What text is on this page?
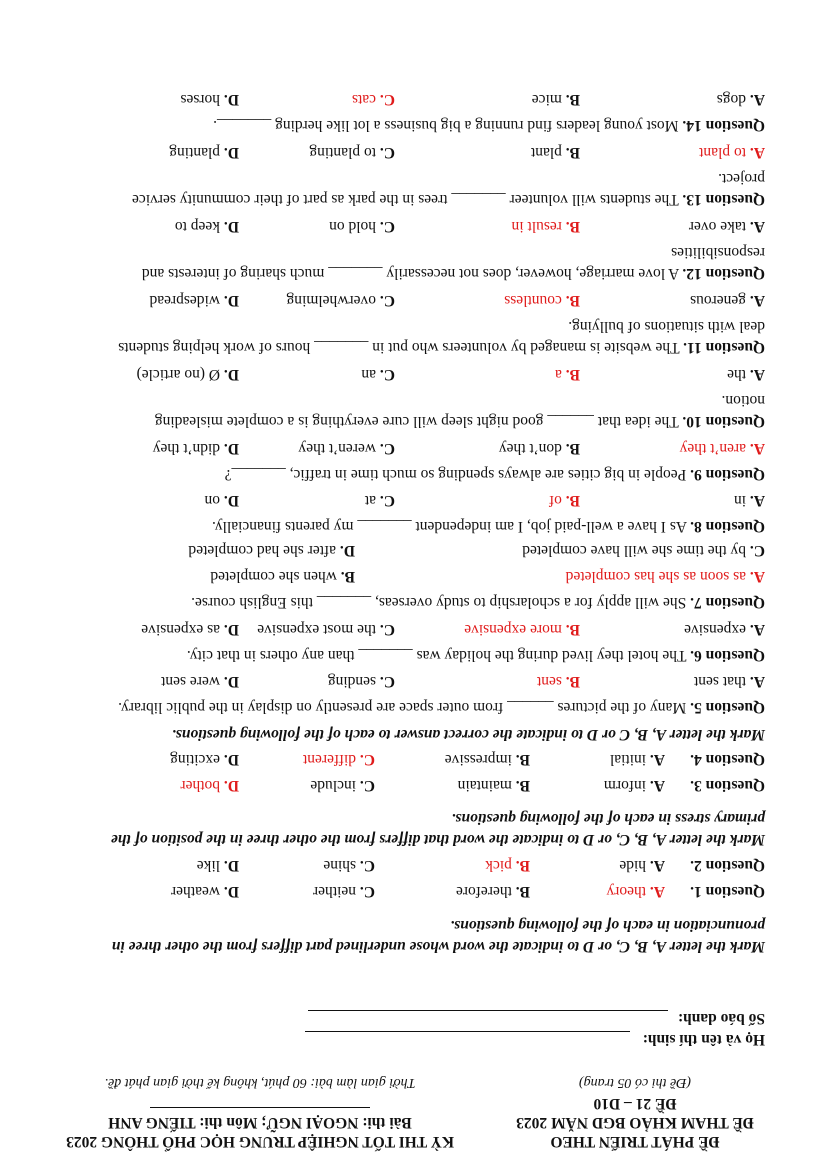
ĐỀ PHÁT TRIỂN THEO
ĐỀ THAM KHẢO BGD NĂM 2023
ĐỀ 21 – D10
(Đề thi có 05 trang)
KỲ THI TỐT NGHIỆP TRUNG HỌC PHỔ THÔNG 2023
Bài thi: NGOẠI NGỮ; Môn thi: TIẾNG ANH
Thời gian làm bài: 60 phút, không kể thời gian phát đề.
Họ và tên thí sinh:
Số báo danh:
Mark the letter A, B, C, or D to indicate the word whose underlined part differs from the other three in
pronunciation in each of the following questions.
Mark the letter A, B, C, or D to indicate the word that differs from the other three in the position of the
primary stress in each of the following questions.
Mark the letter A, B, C or D to indicate the correct answer to each of the following questions.
Question 1.
A. theory
B. therefore
C. neither
D. weather
Question 2.
A. hide
B. pick
C. shine
D. like
Question 3.
A. inform
B. maintain
C. include
D. bother
Question 4.
A. initial
B. impressive
C. different
D. exciting
Question 5. Many of the pictures ______ from outer space are presently on display in the public library.
A. that sent
B. sent
C. sending
D. were sent
Question 6. The hotel they lived during the holiday was _______ than any others in that city.
A. expensive
B. more expensive
C. the most expensive
D. as expensive
Question 7. She will apply for a scholarship to study overseas, _______ this English course.
A. as soon as she has completed
B. when she completed
C. by the time she will have completed
D. after she had completed
Question 8. As I have a well-paid job, I am independent _______ my parents financially.
A. in
B. of
C. at
D. on
Question 9. People in big cities are always spending so much time in traffic, _______?
A. aren’t they
B. don’t they
C. weren’t they
D. didn’t they
Question 10. The idea that ______ good night sleep will cure everything is a complete misleading
notion.
A. the
B. a
C. an
D. Ø (no article)
Question 11. The website is managed by volunteers who put in _______ hours of work helping students
deal with situations of bullying.
A. generous
B. countless
C. overwhelming
D. widespread
Question 12. A love marriage, however, does not necessarily _______ much sharing of interests and
responsibilities
A. take over
B. result in
C. hold on
D. keep to
Question 13. The students will volunteer _______ trees in the park as part of their community service
project.
A. to plant
B. plant
C. to planting
D. planting
Question 14. Most young leaders find running a big business a lot like herding _______.
A. dogs
B. mice
C. cats
D. horses
